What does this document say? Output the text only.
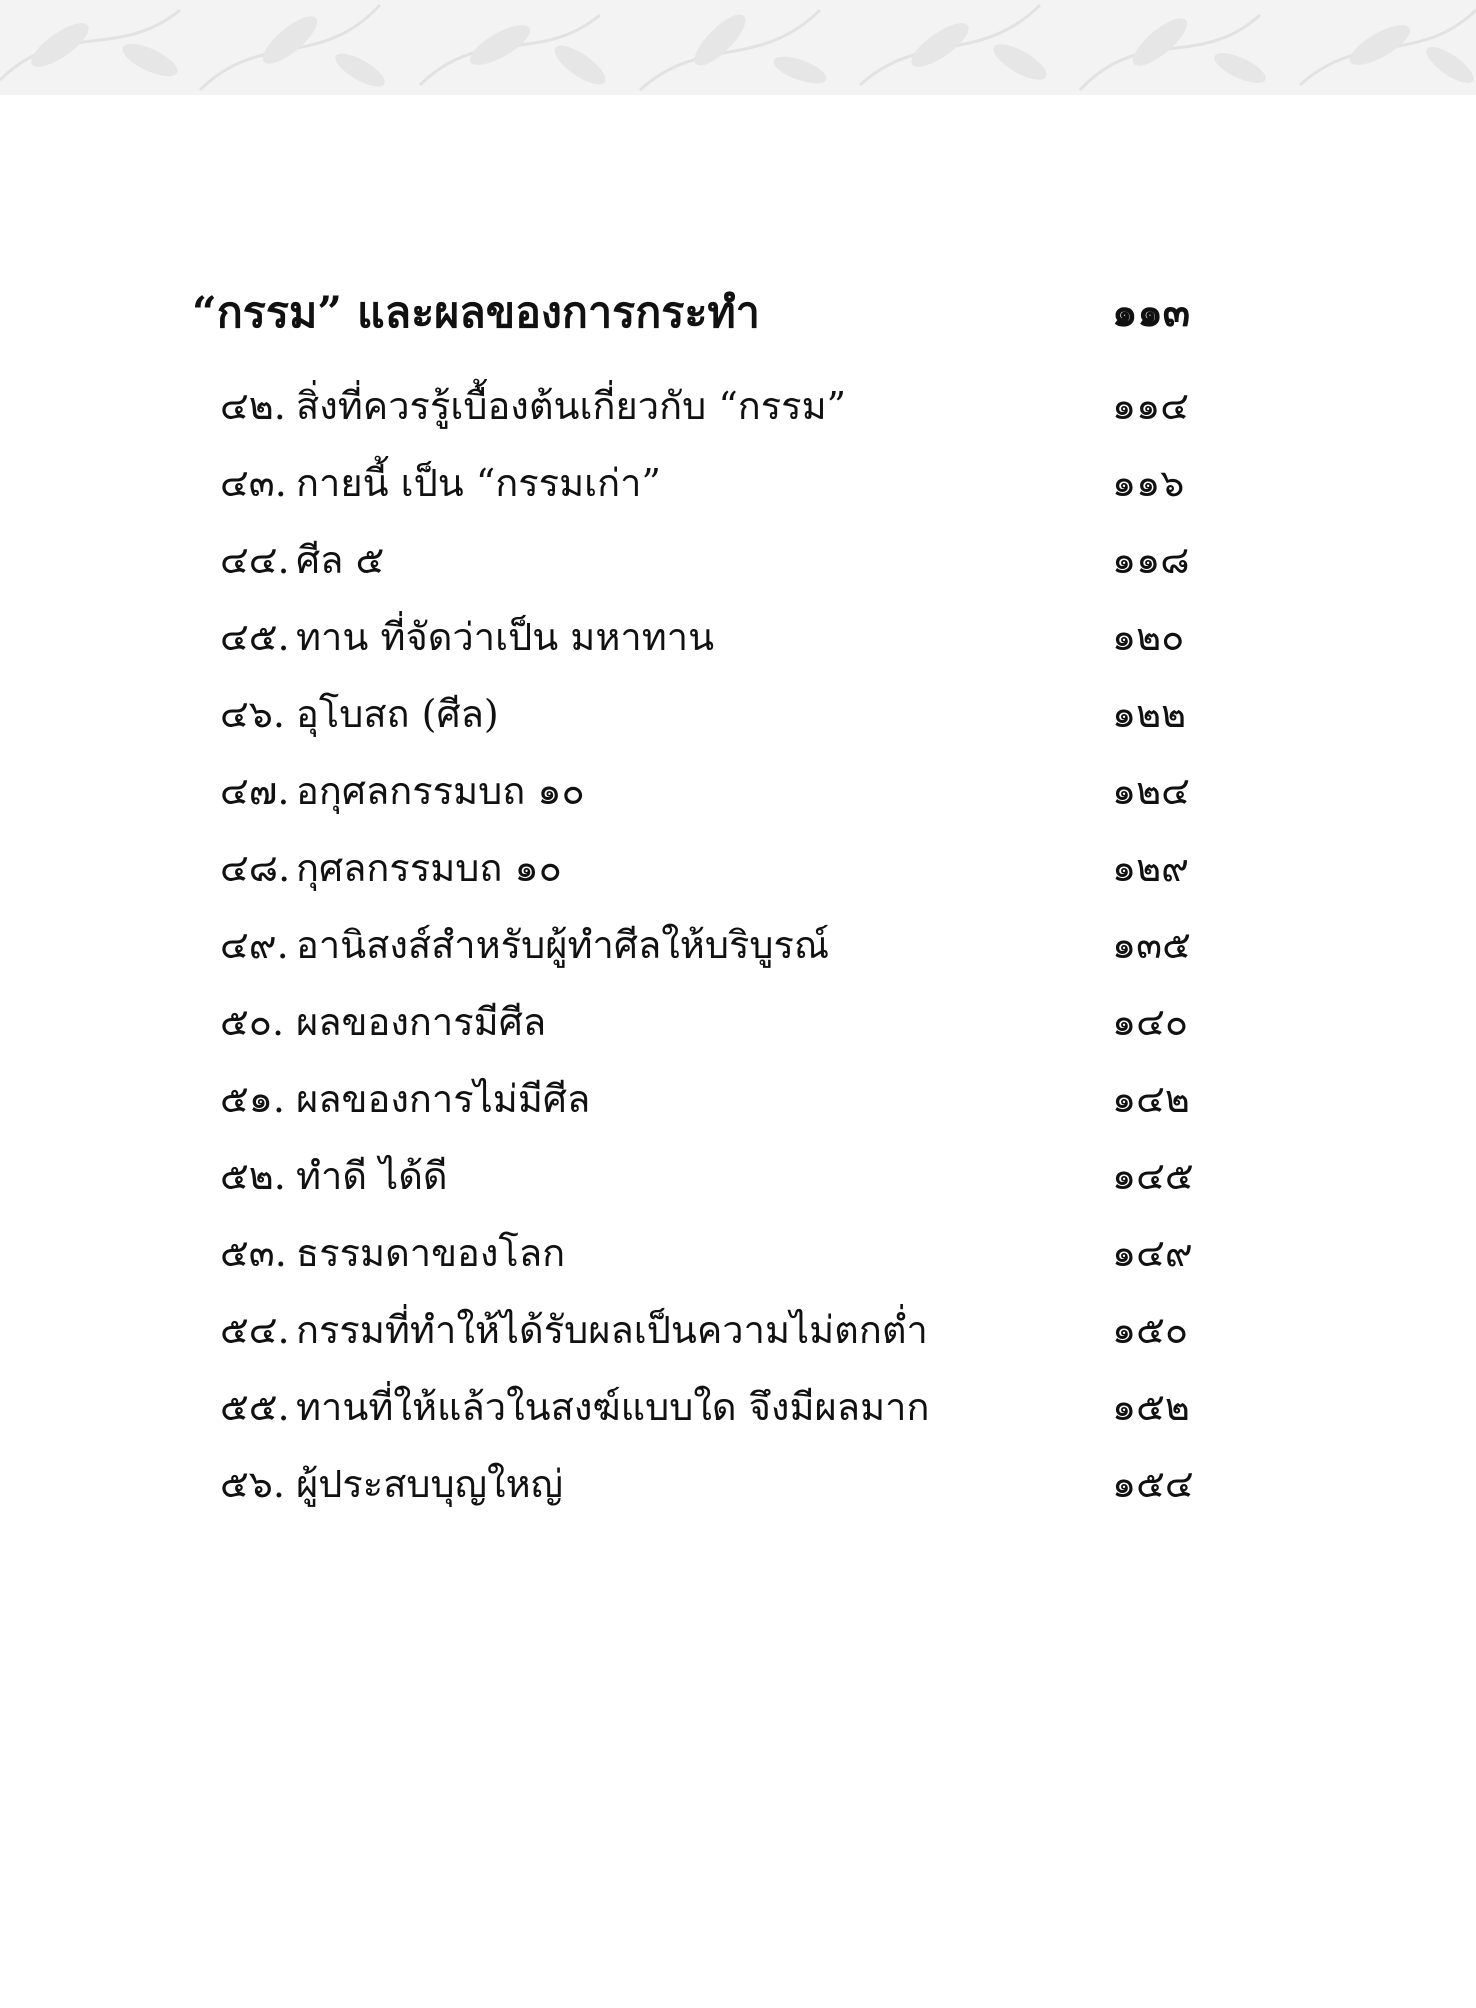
“กรรม” และผลของการกระทำ	๑๑๓
๔๒. สิ่งที่ควรรู้เบื้องต้นเกี่ยวกับ “กรรม”	๑๑๔
๔๓. กายนี้ เป็น “กรรมเก่า”	๑๑๖
๔๔. ศีล ๕	๑๑๘
๔๕. ทาน ที่จัดว่าเป็น มหาทาน	๑๒๐
๔๖. อุโบสถ (ศีล)	๑๒๒
๔๗. อกุศลกรรมบถ ๑๐	๑๒๔
๔๘. กุศลกรรมบถ ๑๐	๑๒๙
๔๙. อานิสงส์สำหรับผู้ทำศีลให้บริบูรณ์	๑๓๕
๕๐. ผลของการมีศีล	๑๔๐
๕๑. ผลของการไม่มีศีล	๑๔๒
๕๒. ทำดี ได้ดี	๑๔๕
๕๓. ธรรมดาของโลก	๑๔๙
๕๔. กรรมที่ทำให้ได้รับผลเป็นความไม่ตกต่ำ	๑๕๐
๕๕. ทานที่ให้แล้วในสงฆ์แบบใด จึงมีผลมาก	๑๕๒
๕๖. ผู้ประสบบุญใหญ่	๑๕๔
